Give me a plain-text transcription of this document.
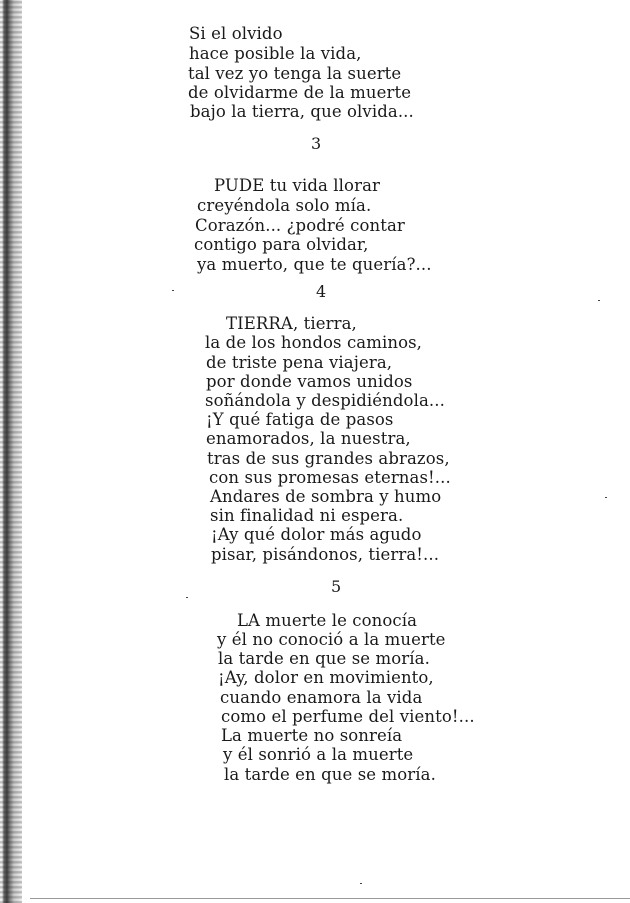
Si el olvido
hace posible la vida,
tal vez yo tenga la suerte
de olvidarme de la muerte
bajo la tierra, que olvida...
3
PUDE tu vida llorar
creyéndola solo mía.
Corazón... ¿podré contar
contigo para olvidar,
ya muerto, que te quería?...
4
TIERRA, tierra,
la de los hondos caminos,
de triste pena viajera,
por donde vamos unidos
soñándola y despidiéndola...
¡Y qué fatiga de pasos
enamorados, la nuestra,
tras de sus grandes abrazos,
con sus promesas eternas!...
Andares de sombra y humo
sin finalidad ni espera.
¡Ay qué dolor más agudo
pisar, pisándonos, tierra!...
5
LA muerte le conocía
y él no conoció a la muerte
la tarde en que se moría.
¡Ay, dolor en movimiento,
cuando enamora la vida
como el perfume del viento!...
La muerte no sonreía
y él sonrió a la muerte
la tarde en que se moría.
